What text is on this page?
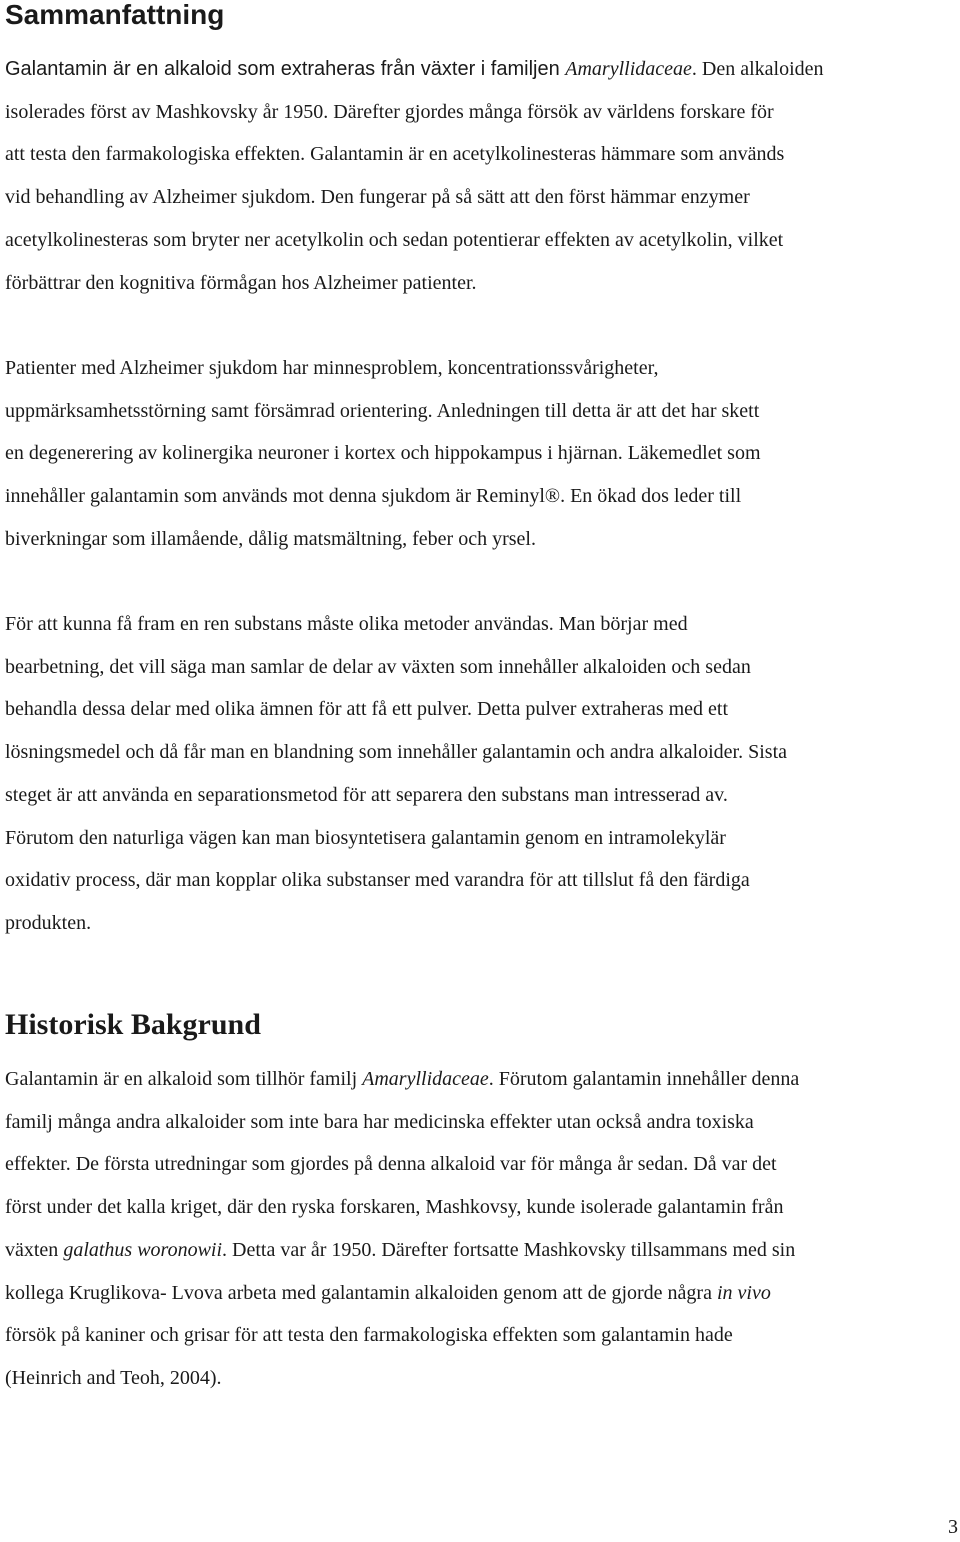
Sammanfattning
Galantamin är en alkaloid som extraheras från växter i familjen Amaryllidaceae. Den alkaloiden
isolerades först av Mashkovsky år 1950. Därefter gjordes många försök av världens forskare för
att testa den farmakologiska effekten. Galantamin är en acetylkolinesteras hämmare som används
vid behandling av Alzheimer sjukdom. Den fungerar på så sätt att den först hämmar enzymer
acetylkolinesteras som bryter ner acetylkolin och sedan potentierar effekten av acetylkolin, vilket
förbättrar den kognitiva förmågan hos Alzheimer patienter.
Patienter med Alzheimer sjukdom har minnesproblem, koncentrationssvårigheter,
uppmärksamhetsstörning samt försämrad orientering. Anledningen till detta är att det har skett
en degenerering av kolinergika neuroner i kortex och hippokampus i hjärnan. Läkemedlet som
innehåller galantamin som används mot denna sjukdom är Reminyl®. En ökad dos leder till
biverkningar som illamående, dålig matsmältning, feber och yrsel.
För att kunna få fram en ren substans måste olika metoder användas. Man börjar med
bearbetning, det vill säga man samlar de delar av växten som innehåller alkaloiden och sedan
behandla dessa delar med olika ämnen för att få ett pulver. Detta pulver extraheras med ett
lösningsmedel och då får man en blandning som innehåller galantamin och andra alkaloider. Sista
steget är att använda en separationsmetod för att separera den substans man intresserad av.
Förutom den naturliga vägen kan man biosyntetisera galantamin genom en intramolekylär
oxidativ process, där man kopplar olika substanser med varandra för att tillslut få den färdiga
produkten.
Historisk Bakgrund
Galantamin är en alkaloid som tillhör familj Amaryllidaceae. Förutom galantamin innehåller denna
familj många andra alkaloider som inte bara har medicinska effekter utan också andra toxiska
effekter. De första utredningar som gjordes på denna alkaloid var för många år sedan. Då var det
först under det kalla kriget, där den ryska forskaren, Mashkovsy, kunde isolerade galantamin från
växten galathus woronowii. Detta var år 1950. Därefter fortsatte Mashkovsky tillsammans med sin
kollega Kruglikova- Lvova arbeta med galantamin alkaloiden genom att de gjorde några in vivo
försök på kaniner och grisar för att testa den farmakologiska effekten som galantamin hade
(Heinrich and Teoh, 2004).
3
